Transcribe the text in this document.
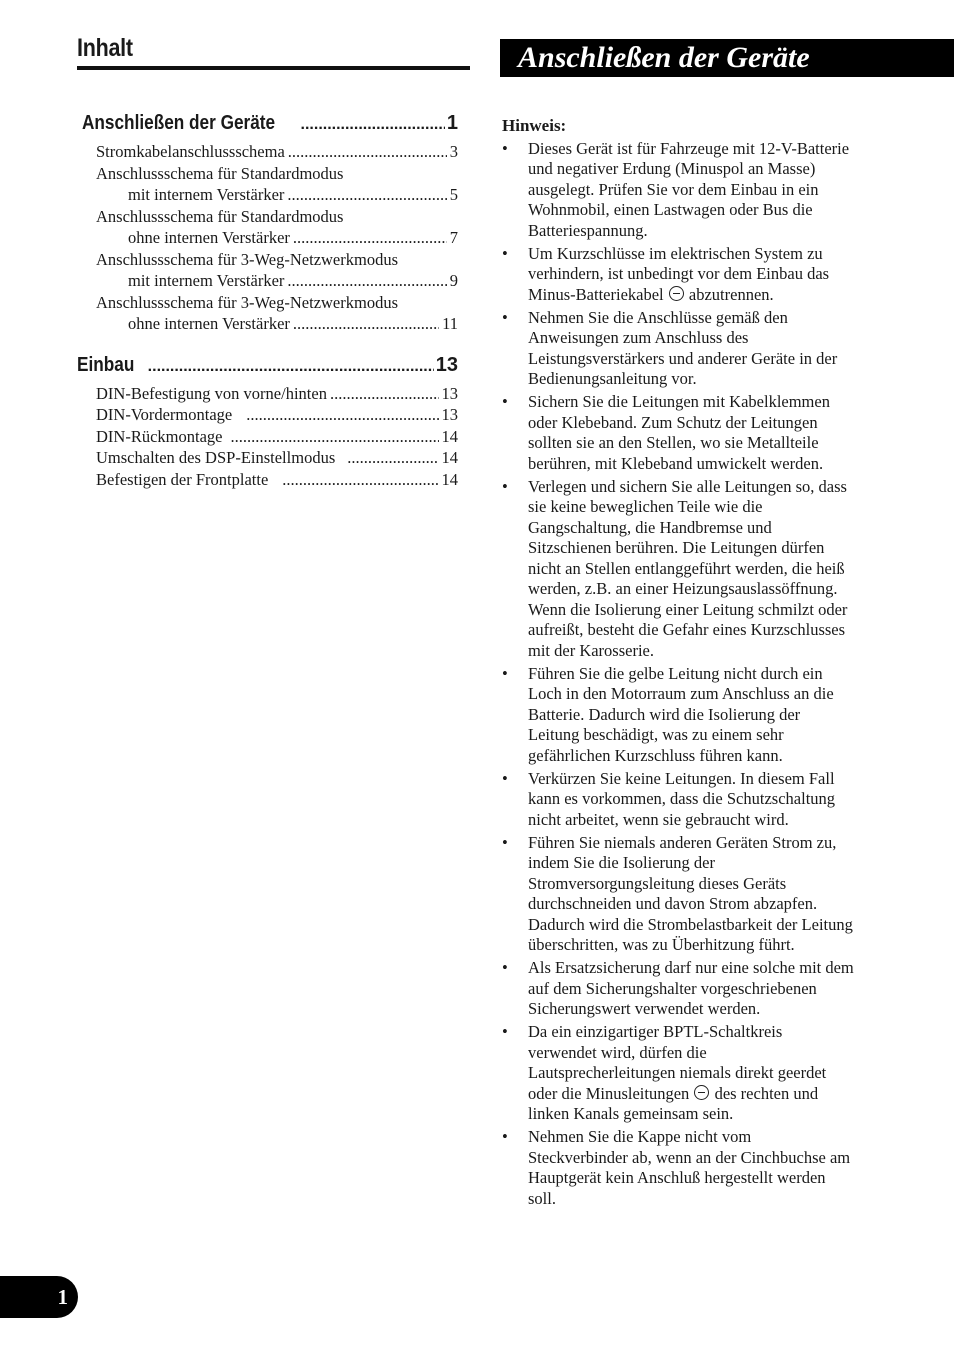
Inhalt
Anschließen der Geräte .....	1
Stromkabelanschlussschema .....	3
Anschlussschema für Standardmodus
mit internem Verstärker .....	5
Anschlussschema für Standardmodus
ohne internen Verstärker .....	7
Anschlussschema für 3-Weg-Netzwerkmodus
mit internem Verstärker .....	9
Anschlussschema für 3-Weg-Netzwerkmodus
ohne internen Verstärker .....	11
Einbau .....	13
DIN-Befestigung von vorne/hinten .....	13
DIN-Vordermontage .....	13
DIN-Rückmontage .....	14
Umschalten des DSP-Einstellmodus .....	14
Befestigen der Frontplatte .....	14
Anschließen der Geräte
Hinweis:
•	Dieses Gerät ist für Fahrzeuge mit 12-V-Batterie
und negativer Erdung (Minuspol an Masse)
ausgelegt. Prüfen Sie vor dem Einbau in ein
Wohnmobil, einen Lastwagen oder Bus die
Batteriespannung.
•	Um Kurzschlüsse im elektrischen System zu
verhindern, ist unbedingt vor dem Einbau das
Minus-Batteriekabel  abzutrennen.
•	Nehmen Sie die Anschlüsse gemäß den
Anweisungen zum Anschluss des
Leistungsverstärkers und anderer Geräte in der
Bedienungsanleitung vor.
•	Sichern Sie die Leitungen mit Kabelklemmen
oder Klebeband. Zum Schutz der Leitungen
sollten sie an den Stellen, wo sie Metallteile
berühren, mit Klebeband umwickelt werden.
•	Verlegen und sichern Sie alle Leitungen so, dass
sie keine beweglichen Teile wie die
Gangschaltung, die Handbremse und
Sitzschienen berühren. Die Leitungen dürfen
nicht an Stellen entlanggeführt werden, die heiß
werden, z.B. an einer Heizungsauslassöffnung.
Wenn die Isolierung einer Leitung schmilzt oder
aufreißt, besteht die Gefahr eines Kurzschlusses
mit der Karosserie.
•	Führen Sie die gelbe Leitung nicht durch ein
Loch in den Motorraum zum Anschluss an die
Batterie. Dadurch wird die Isolierung der
Leitung beschädigt, was zu einem sehr
gefährlichen Kurzschluss führen kann.
•	Verkürzen Sie keine Leitungen. In diesem Fall
kann es vorkommen, dass die Schutzschaltung
nicht arbeitet, wenn sie gebraucht wird.
•	Führen Sie niemals anderen Geräten Strom zu,
indem Sie die Isolierung der
Stromversorgungsleitung dieses Geräts
durchschneiden und davon Strom abzapfen.
Dadurch wird die Strombelastbarkeit der Leitung
überschritten, was zu Überhitzung führt.
•	Als Ersatzsicherung darf nur eine solche mit dem
auf dem Sicherungshalter vorgeschriebenen
Sicherungswert verwendet werden.
•	Da ein einzigartiger BPTL-Schaltkreis
verwendet wird, dürfen die
Lautsprecherleitungen niemals direkt geerdet
oder die Minusleitungen  des rechten und
linken Kanals gemeinsam sein.
•	Nehmen Sie die Kappe nicht vom
Steckverbinder ab, wenn an der Cinchbuchse am
Hauptgerät kein Anschluß hergestellt werden
soll.
1
